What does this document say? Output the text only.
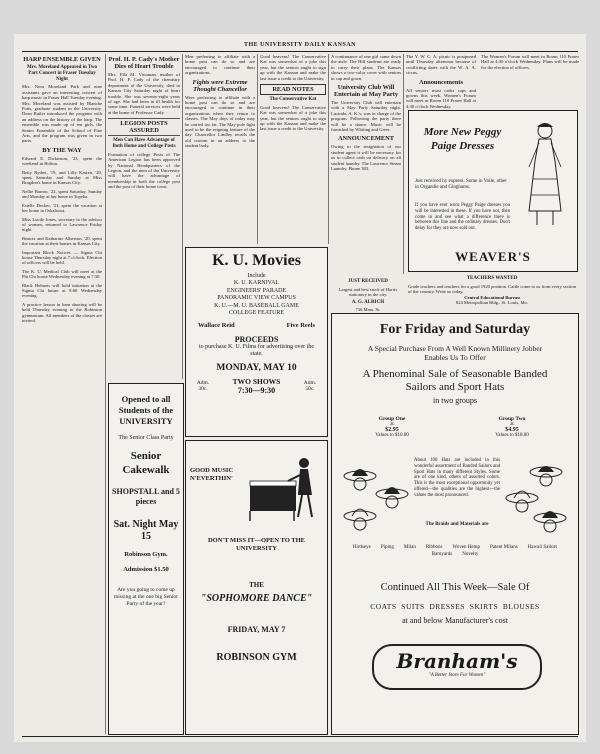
THE UNIVERSITY DAILY KANSAN
HARP ENSEMBLE GIVEN
Mrs. Moreland Appeared in Two Part Concert in Fraser Tuesday Night
Mrs. Nora Moreland Park and nine assistants gave an interesting concert of harp music in Fraser Hall Tuesday evening. Mrs. Moreland was assisted by Blanche Potts, graduate student in the University. Dean Butler introduced the program with an address on the history of the harp. The ensemble was made up of ten girls, the Senior Ensemble of the School of Fine Arts, and the program was given in two parts.
BY THE WAY
Edward E. Dickinson, '23, spent the weekend in Holton.
Betty Ryther, '19, and Lilly Kasten, '20, spent Saturday and Sunday at Miss Bragdon's home in Kansas City.
Nellie Barron, '22, spent Saturday, Sunday and Monday at her home in Topeka.
Estelle Decker, '21, spent the vacation at her home in Oskaloosa.
Miss Lucile Jones, secretary to the advisor of women, returned to Lawrence Friday night.
Beatrix and Katharine Alberson, '20, spent the vacation at their homes in Kansas City.
Important Block Notices — Sigma Chi house Thursday night at 7 o'clock. Election of officers will be held.
The K. U. Medical Club will meet at the Phi Chi house Wednesday evening at 7:30.
Black Helmets will hold initiation at the Sigma Chi house at 8:00 Wednesday evening.
A practice lesson in barn dancing will be held Thursday evening in the Robinson gymnasium. All members of the classes are invited.
Prof. H. P. Cady's Mother Dies of Heart Trouble
Mrs. Ella M. Vrooman, mother of Prof. H. P. Cady of the chemistry department of the University, died in Kansas City Saturday night of heart trouble. She was seventy-eight years of age. She had been in ill health for some time. Funeral services were held at the home of Professor Cady.
LEGION POSTS ASSURED
Men Can Have Advantage of Both Home and College Posts
Formation of college Posts of The American Legion has been approved by National Headquarters of the Legion, and the men of the University will have the advantage of membership in both the college post and the post of their home town.
Men preferring to affiliate with a home post can do so and are encouraged to continue their organizations.
Fights were Extreme Thought Chancellor
Were preferring to affiliate with a home post can do so and are encouraged to continue in their organizations when they return to classes. The May days of today may be carried too far. The May-pole fight used to be the reigning feature of the day. Chancellor Lindley recalls the old custom in an address to the student body.
Good heavens! The Conservative Kat was somewhat of a joke this year, but the seniors ought to sign up with the Kansan and make the last issue a credit to the University.
READ NOTES
The Conservative Kat
Good heavens! The Conservative Kat was somewhat of a joke this year, but the seniors ought to sign up with the Kansan and make the last issue a credit to the University.
A continuance of one girl came down the aisle. The Hill students are ready to carry their plans. The Kansas shows a two-color cover with seniors in cap and gown.
University Club Will Entertain at May Party
The University Club will entertain with a May Party Saturday night. Lucinda, A. K.'s, was in charge of the program. Following the party there will be a dance. Music will be furnished by Whiting and Greer.
ANNOUNCEMENT
Owing to the resignation of our student agent it will be necessary for us to collect cash on delivery on all student laundry. The Lawrence Steam Laundry. Phone 383.
The Y. W. C. A. picnic is postponed until Thursday afternoon because of conflicting dates with the W. A. A. circus.
Announcements
All seniors must order caps and gowns this week. Women's Forum will meet in Room 110 Fraser Hall at 4:30 o'clock Wednesday.
The Women's Forum will meet in Room 110 Fraser Hall at 4:30 o'clock Wednesday. Plans will be made for the election of officers.
More New Peggy Paige Dresses
Just received by express. Some in Voile, other in Organdie and Ginghams.
If you have ever worn Peggy Paige dresses you will be interested in these. If you have not, then come in and see what a difference there is between this line and the ordinary dresses. Don't delay for they are now sold out.
WEAVER'S
TEACHERS WANTED
Grade teachers and teachers for a good 1920 position. Cattle come to us from every section of the country. Write us today.
Central Educational Bureau
824 Metropolitan Bldg., St. Louis, Mo.
JUST RECEIVED
Largest and best stock of Harris stationery in the city.
A. G. ALRICH
736 Mass. St.
K. U. Movies
Include
K. U. KARNIVAL
ENGINEERS' PARADE
PANORAMIC VIEW CAMPUS
K. U.—M. U. BASEBALL GAME
COLLEGE FEATURE
Wallace Reid	Five Reels
PROCEEDS
to purchase K. U. Films for advertising over the state.
MONDAY, MAY 10
Adm. 30c.
TWO SHOWS
7:30—9:30
Adm. 50c.
Opened to all Students of the UNIVERSITY
The Senior Class Party
Senior Cakewalk
SHOPSTALL and 5 pieces
Sat. Night May 15
Robinson Gym.
Admission $1.50
Are you going to come up missing at the one big Senior Party of the year?
GOOD MUSIC N'EVERTHIN'
DON'T MISS IT—OPEN TO THE UNIVERSITY
THE
"SOPHOMORE DANCE"
FRIDAY, MAY 7
ROBINSON GYM
For Friday and Saturday
A Special Purchase From A Well Known Millinery Jobber Enables Us To Offer
A Phenominal Sale of Seasonable Banded Sailors and Sport Hats
in two groups
Group One
at
$2.95
Values to $10.00
Group Two
at
$4.95
Values to $18.00
About 100 Hats are included in this wonderful assortment of Banded Sailors and Sport Hats in many different Styles. Some are of one kind, others of assorted colors. This is the most exceptional opportunity yet offered—the qualities are the highest—the values the most pronounced.
The Braids and Materials are
Hirdseye Piping Milan Ribbons Woven Hemp Patent Milans Hawaii SailorsBarnyards Novelty
Continued All This Week—Sale Of
COATS  SUITS  DRESSES  SKIRTS  BLOUSES
at and below Manufacturer's cost
Branham's
"A Better Store For Women"
